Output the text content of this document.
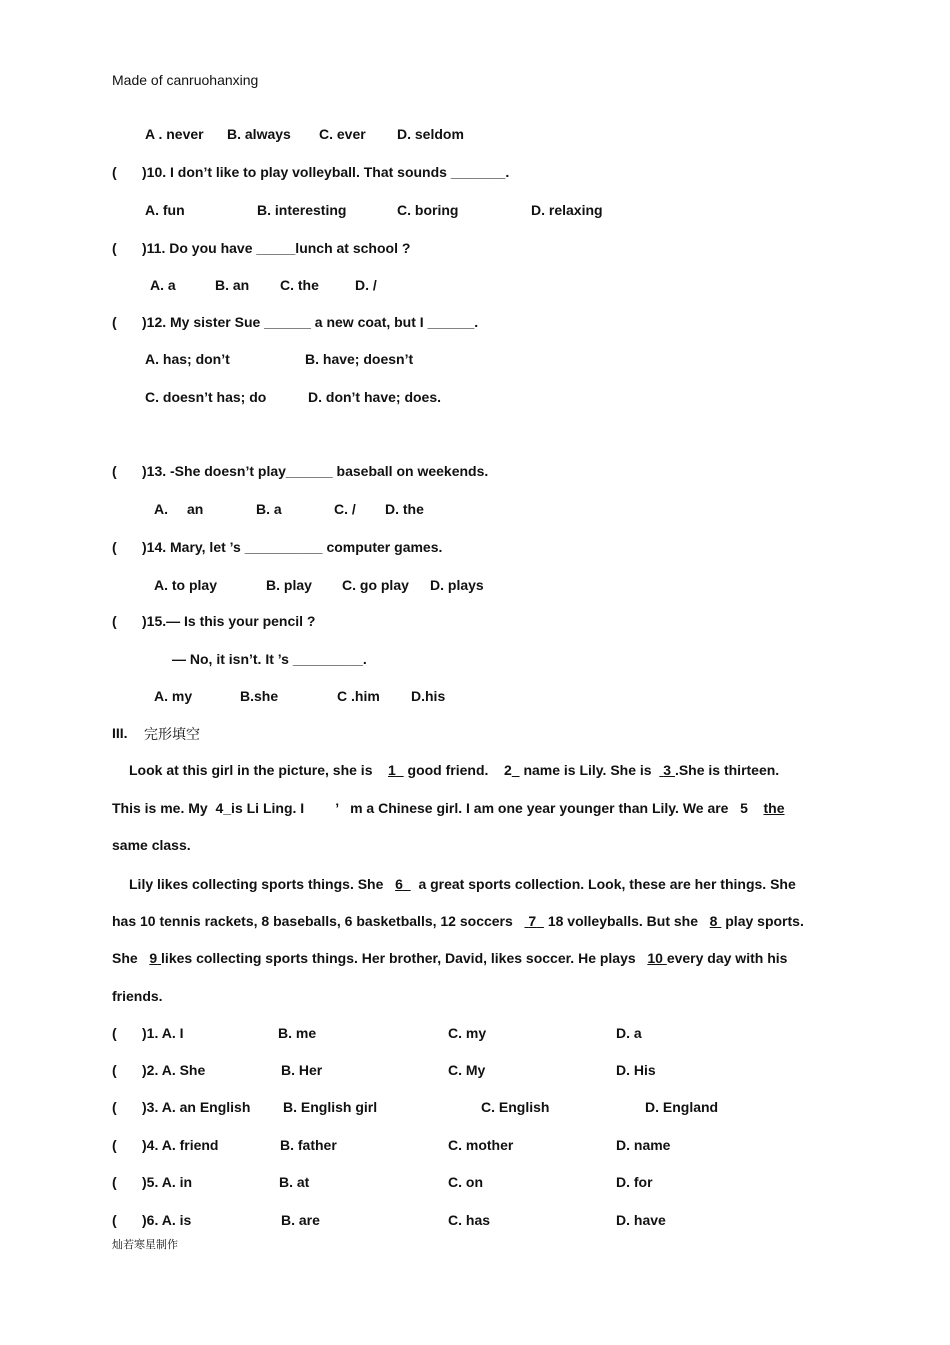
Made of canruohanxing
A . never B. always C. ever D. seldom
( )10. I don’t like to play volleyball. That sounds _______.
A. fun	B. interesting	C. boring	D. relaxing
( )11. Do you have _____lunch at school ?
A. a	B. an C. the	D. /
( )12. My sister Sue ______ a new coat, but I ______.
A. has; don’t	B. have; doesn’t
C. doesn’t has; do	D. don’t have; does.
( )13. -She doesn’t play______ baseball on weekends.
A. an	B. a	C. / D. the
( )14. Mary, let ’s __________ computer games.
A. to play	B. play C. go play D. plays
( )15.— Is this your pencil ?
— No, it isn’t. It ’s _________.
A. my	B.she	C .him D.his
III. 完形填空
Look at this girl in the picture, she is 1 good friend. 2 name is Lily. She is 3 .She is thirteen.
This is me. My  4_is Li Ling. I ’ m a Chinese girl. I am one year younger than Lily. We are   5 the
same class.
Lily likes collecting sports things. She 6 a great sports collection. Look, these are her things. She
has 10 tennis rackets, 8 baseballs, 6 basketballs, 12 soccers 7 18 volleyballs. But she 8 play sports.
She 9 likes collecting sports things. Her brother, David, likes soccer. He plays 10 every day with his
friends.
( )1. A. I	B. me	C. my	D. a
( )2. A. She	B. Her	C. My	D. His
( )3. A. an English B. English girl	C. English	D. England
( )4. A. friend	B. father	C. mother	D. name
( )5. A. in	B. at	C. on	D. for
( )6. A. is	B. are	C. has	D. have
灿若寒星制作
